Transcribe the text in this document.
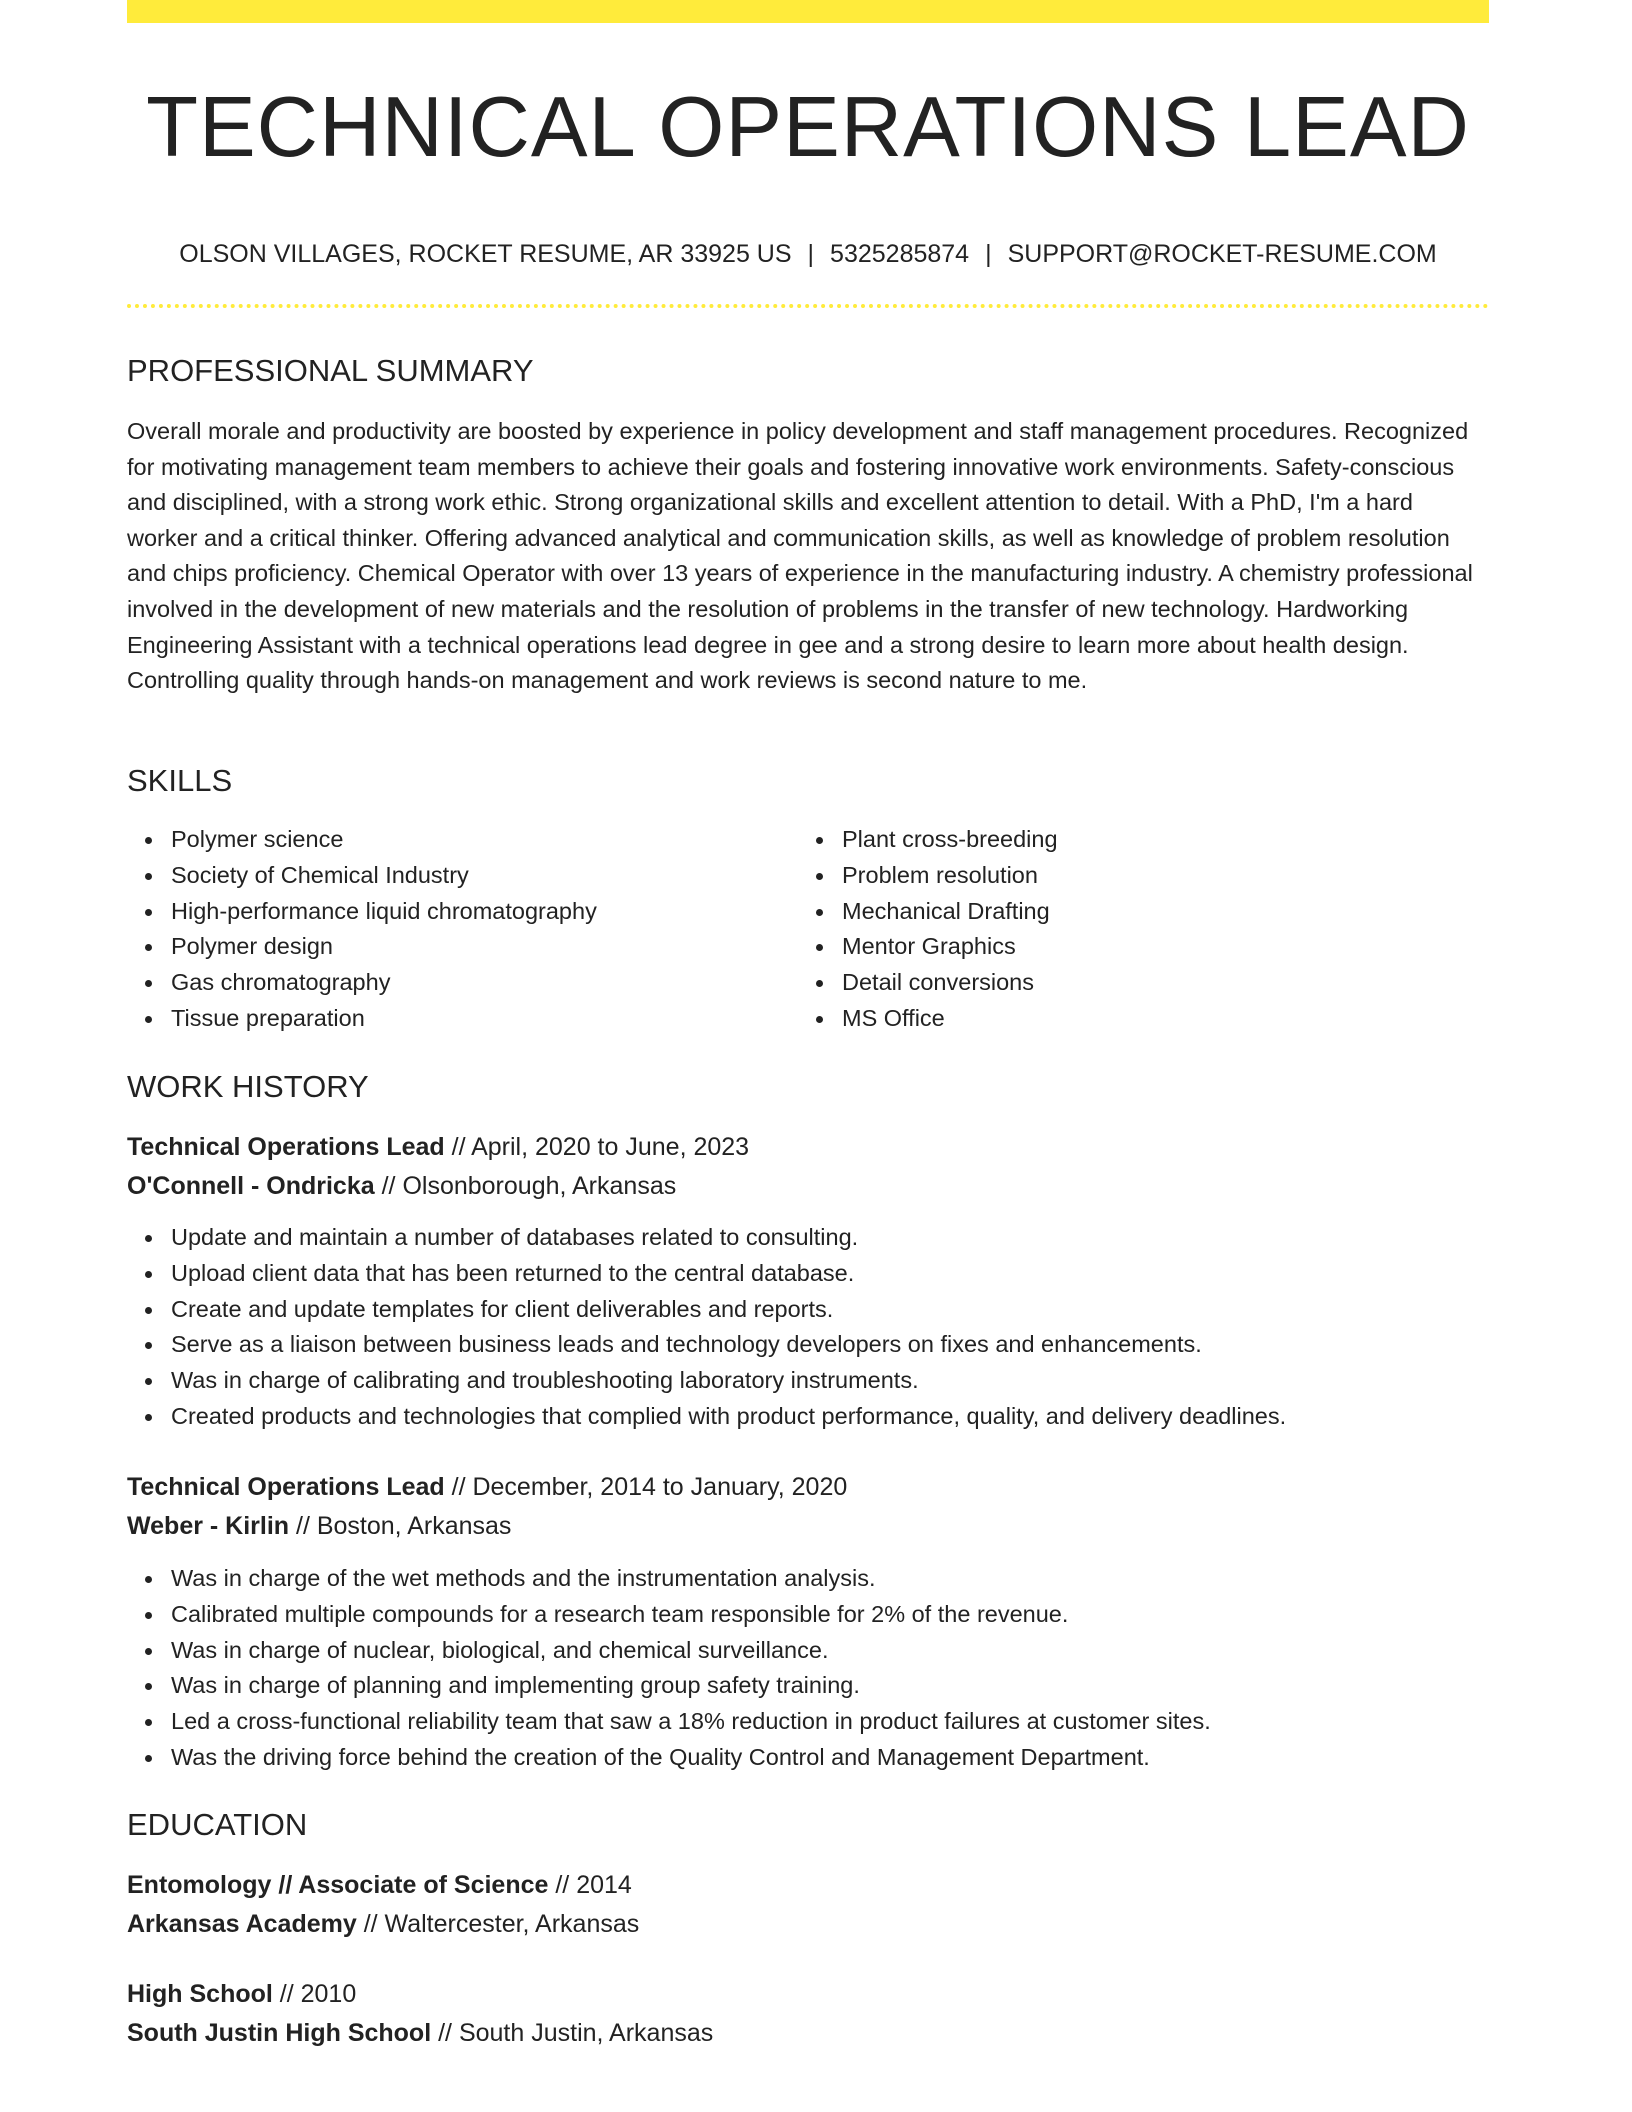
TECHNICAL OPERATIONS LEAD
OLSON VILLAGES, ROCKET RESUME, AR 33925 US | 5325285874 | SUPPORT@ROCKET-RESUME.COM
PROFESSIONAL SUMMARY

Overall morale and productivity are boosted by experience in policy development and staff management procedures. Recognized for motivating management team members to achieve their goals and fostering innovative work environments. Safety-conscious and disciplined, with a strong work ethic. Strong organizational skills and excellent attention to detail. With a PhD, I'm a hard worker and a critical thinker. Offering advanced analytical and communication skills, as well as knowledge of problem resolution and chips proficiency. Chemical Operator with over 13 years of experience in the manufacturing industry. A chemistry professional involved in the development of new materials and the resolution of problems in the transfer of new technology. Hardworking Engineering Assistant with a technical operations lead degree in gee and a strong desire to learn more about health design. Controlling quality through hands-on management and work reviews is second nature to me.

SKILLS
Polymer science
Society of Chemical Industry
High-performance liquid chromatography
Polymer design
Gas chromatography
Tissue preparation
Plant cross-breeding
Problem resolution
Mechanical Drafting
Mentor Graphics
Detail conversions
MS Office
WORK HISTORY

Technical Operations Lead // April, 2020 to June, 2023

O'Connell - Ondricka // Olsonborough, Arkansas

Update and maintain a number of databases related to consulting.
Upload client data that has been returned to the central database.
Create and update templates for client deliverables and reports.
Serve as a liaison between business leads and technology developers on fixes and enhancements.
Was in charge of calibrating and troubleshooting laboratory instruments.
Created products and technologies that complied with product performance, quality, and delivery deadlines.

Technical Operations Lead // December, 2014 to January, 2020

Weber - Kirlin // Boston, Arkansas

Was in charge of the wet methods and the instrumentation analysis.
Calibrated multiple compounds for a research team responsible for 2% of the revenue.
Was in charge of nuclear, biological, and chemical surveillance.
Was in charge of planning and implementing group safety training.
Led a cross-functional reliability team that saw a 18% reduction in product failures at customer sites.
Was the driving force behind the creation of the Quality Control and Management Department.
EDUCATION

Entomology // Associate of Science // 2014

Arkansas Academy // Waltercester, Arkansas

High School // 2010

South Justin High School // South Justin, Arkansas
